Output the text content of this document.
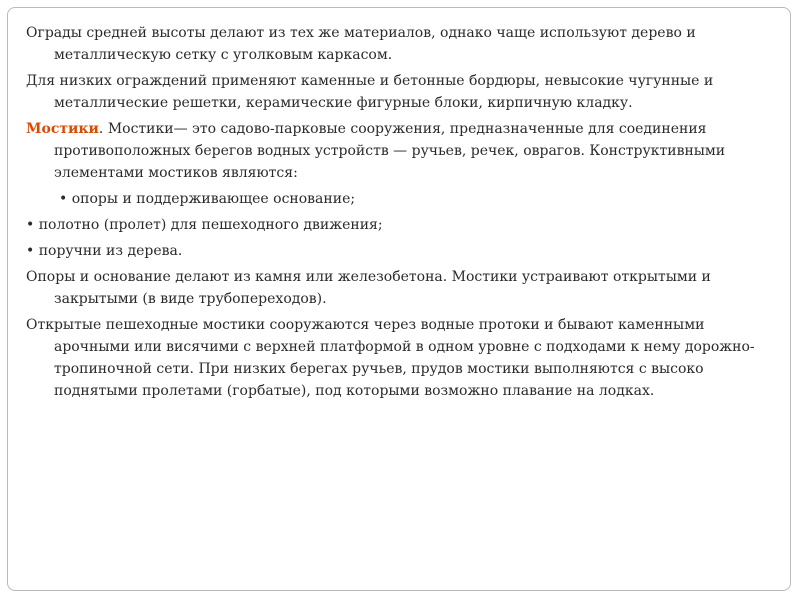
Ограды средней высоты делают из тех же материалов, однако чаще используют дерево и металлическую сетку с уголковым каркасом.

Для низких ограждений применяют каменные и бетонные бордюры, невысокие чугунные и металлические решетки, керамические фигурные блоки, кирпичную кладку.

Мостики. Мостики— это садово-парковые сооружения, предназначенные для соединения противоположных берегов водных устройств — ручьев, речек, оврагов. Конструктивными элементами мостиков являются:

• опоры и поддерживающее основание;

• полотно (пролет) для пешеходного движения;

• поручни из дерева.

Опоры и основание делают из камня или железобетона. Мостики устраивают открытыми и закрытыми (в виде трубопереходов).

Открытые пешеходные мостики сооружаются через водные протоки и бывают каменными арочными или висячими с верхней платформой в одном уровне с подходами к нему дорожно-тропиночной сети. При низких берегах ручьев, прудов мостики выполняются с высоко поднятыми пролетами (горбатые), под которыми возможно плавание на лодках.
